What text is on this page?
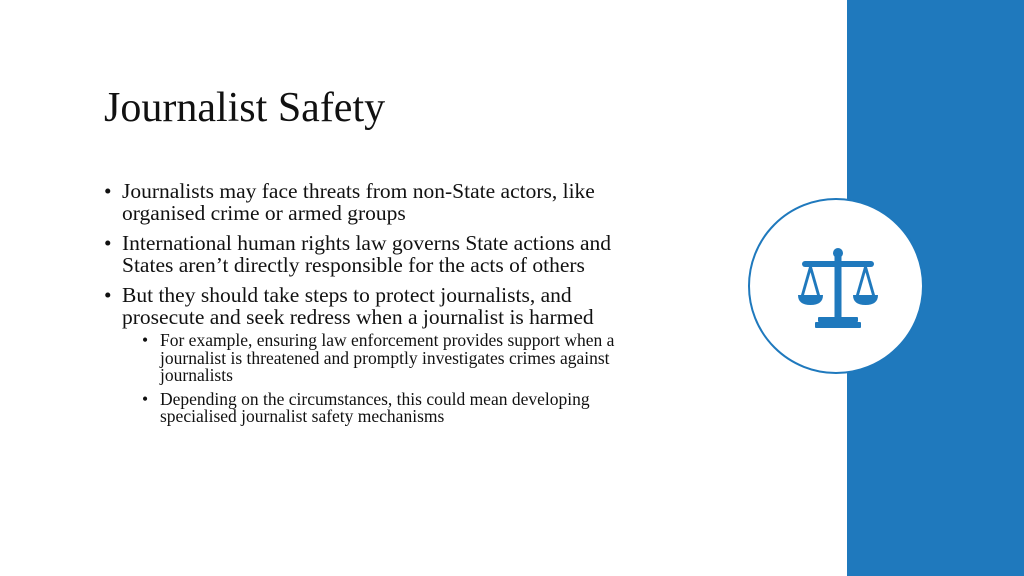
Journalist Safety
• Journalists may face threats from non-State actors, like organised crime or armed groups
• International human rights law governs State actions and States aren’t directly responsible for the acts of others
• But they should take steps to protect journalists, and prosecute and seek redress when a journalist is harmed
• For example, ensuring law enforcement provides support when a journalist is threatened and promptly investigates crimes against journalists
• Depending on the circumstances, this could mean developing specialised journalist safety mechanisms
